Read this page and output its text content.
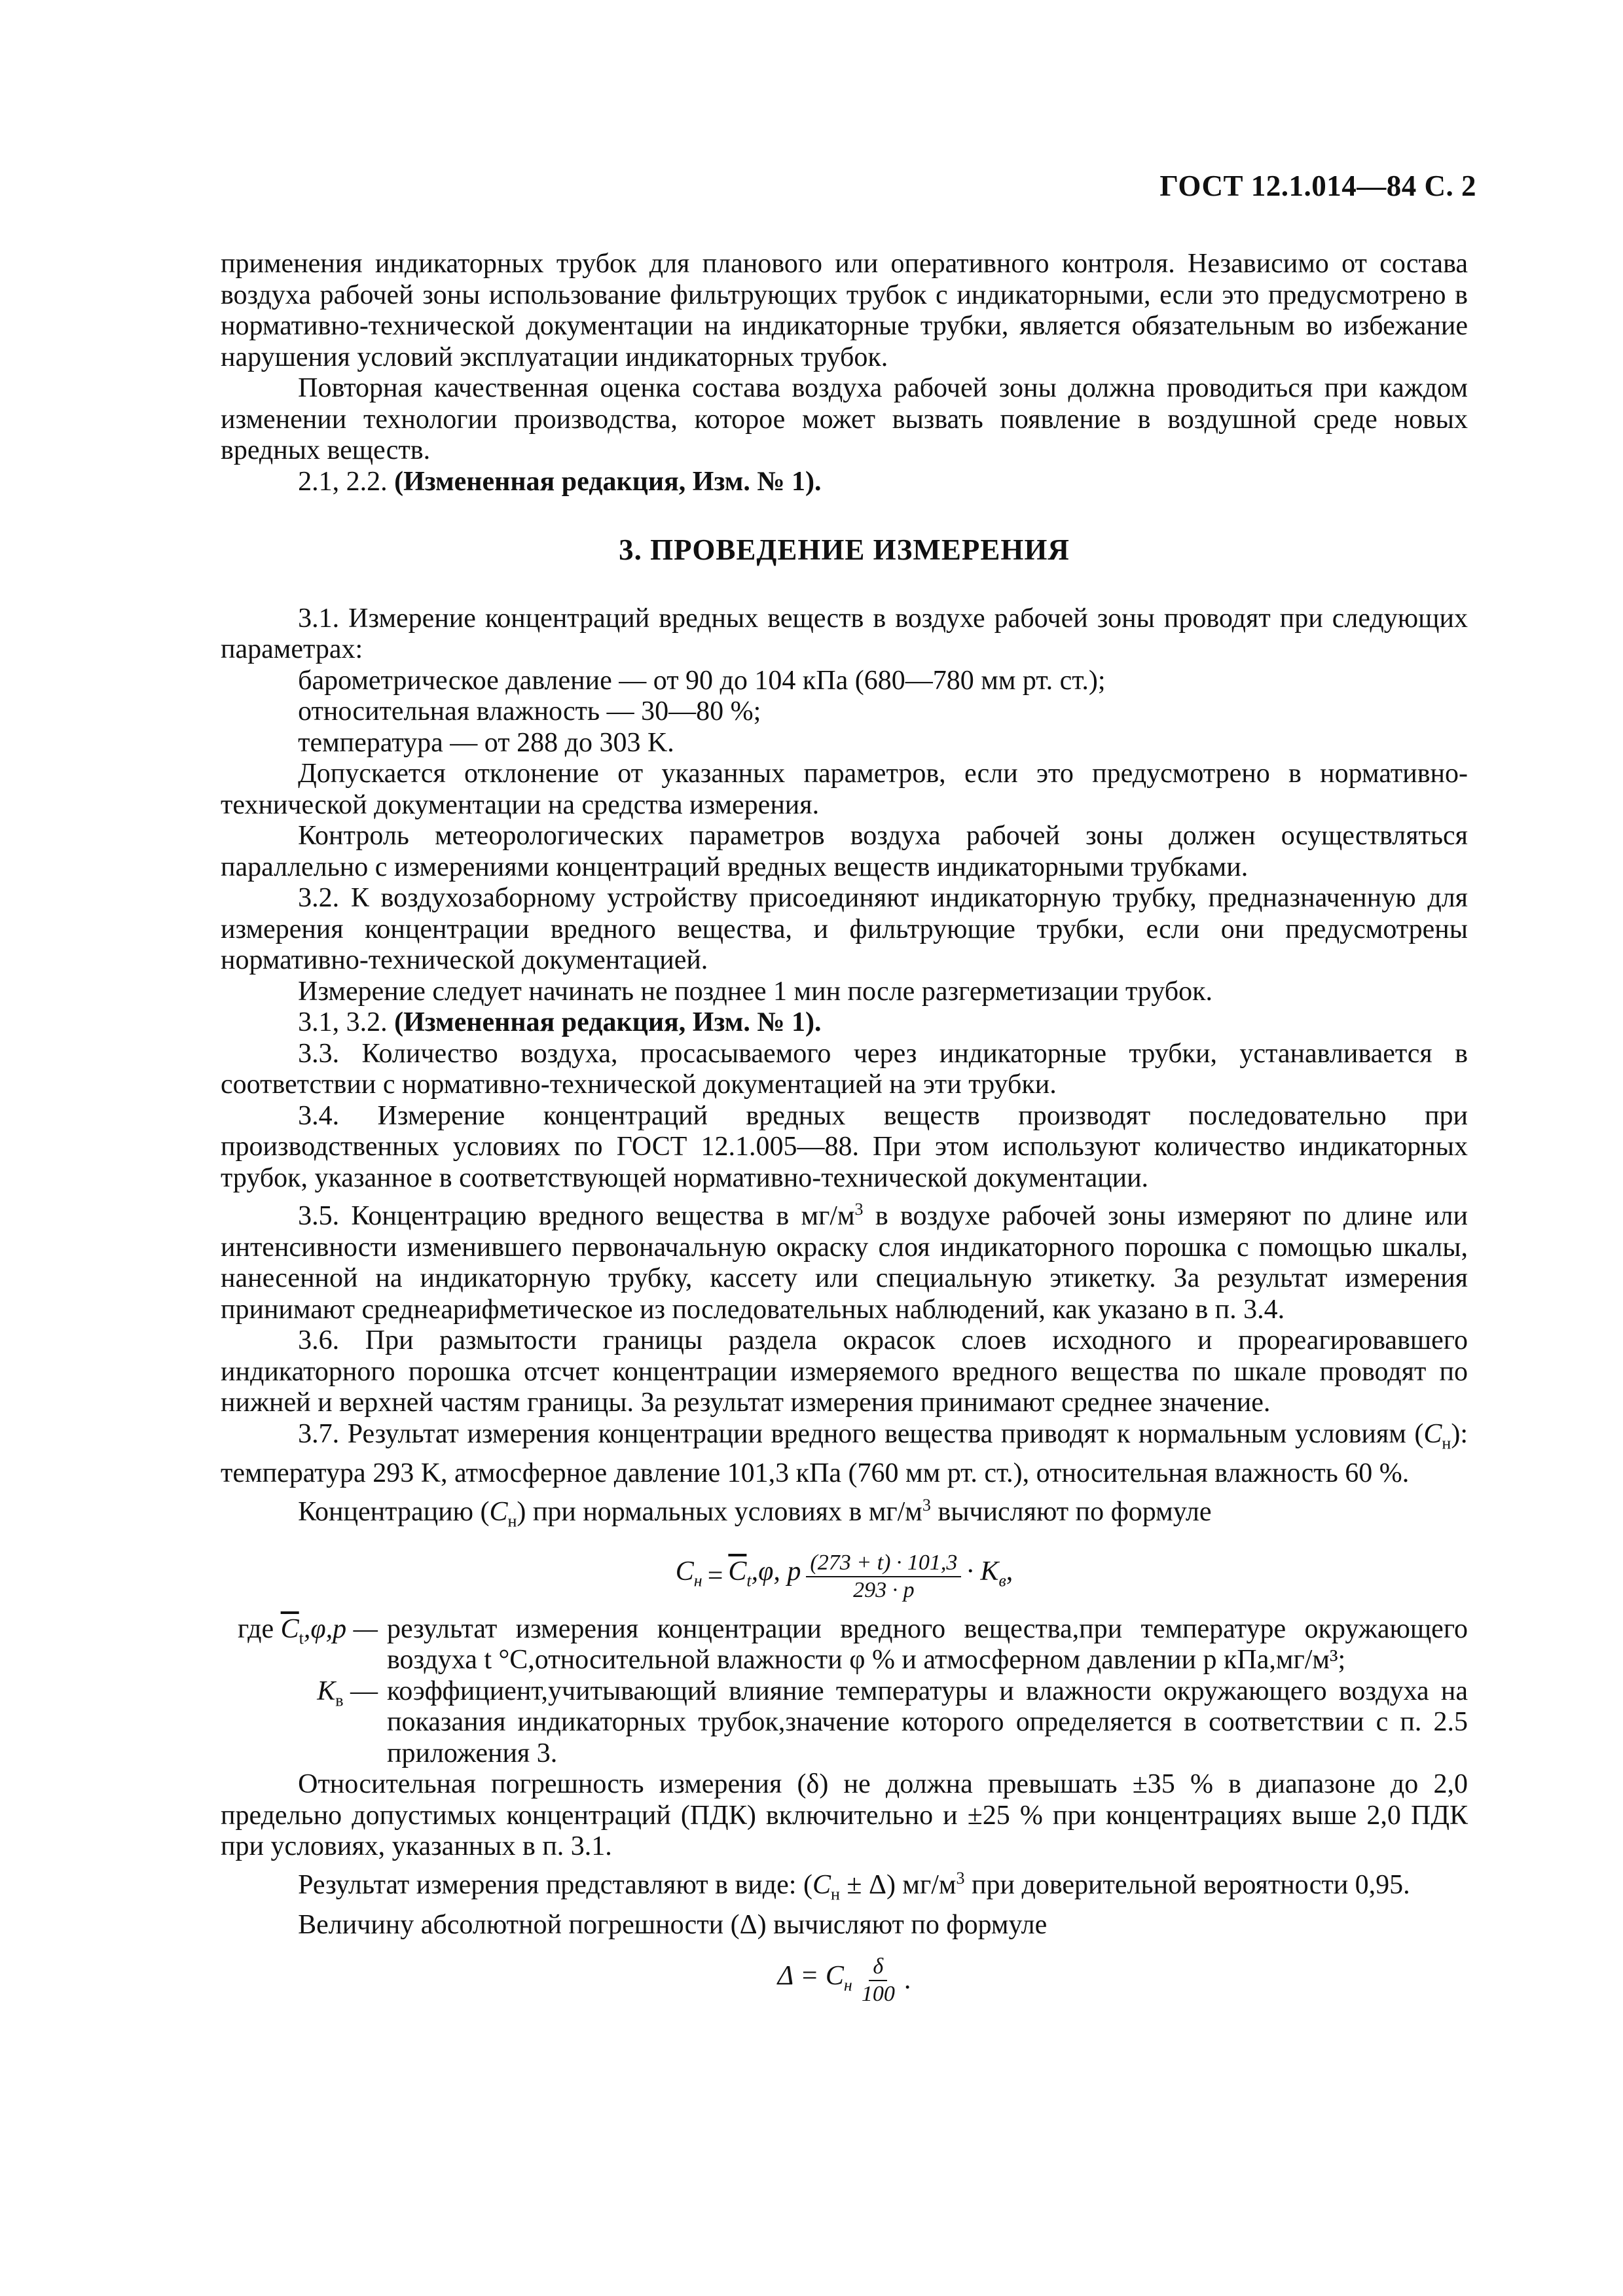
ГОСТ 12.1.014—84 С. 2

применения индикаторных трубок для планового или оперативного контроля. Независимо от состава воздуха рабочей зоны использование фильтрующих трубок с индикаторными, если это предусмотрено в нормативно-технической документации на индикаторные трубки, является обязательным во избежание нарушения условий эксплуатации индикаторных трубок.

Повторная качественная оценка состава воздуха рабочей зоны должна проводиться при каждом изменении технологии производства, которое может вызвать появление в воздушной среде новых вредных веществ.

2.1, 2.2. (Измененная редакция, Изм. № 1).

3. ПРОВЕДЕНИЕ ИЗМЕРЕНИЯ

3.1. Измерение концентраций вредных веществ в воздухе рабочей зоны проводят при следующих параметрах:

барометрическое давление — от 90 до 104 кПа (680—780 мм рт. ст.);

относительная влажность — 30—80 %;

температура — от 288 до 303 K.

Допускается отклонение от указанных параметров, если это предусмотрено в нормативно-технической документации на средства измерения.

Контроль метеорологических параметров воздуха рабочей зоны должен осуществляться параллельно с измерениями концентраций вредных веществ индикаторными трубками.

3.2. К воздухозаборному устройству присоединяют индикаторную трубку, предназначенную для измерения концентрации вредного вещества, и фильтрующие трубки, если они предусмотрены нормативно-технической документацией.

Измерение следует начинать не позднее 1 мин после разгерметизации трубок.

3.1, 3.2. (Измененная редакция, Изм. № 1).

3.3. Количество воздуха, просасываемого через индикаторные трубки, устанавливается в соответствии с нормативно-технической документацией на эти трубки.

3.4. Измерение концентраций вредных веществ производят последовательно при производственных условиях по ГОСТ 12.1.005—88. При этом используют количество индикаторных трубок, указанное в соответствующей нормативно-технической документации.

3.5. Концентрацию вредного вещества в $мг/м^3$ в воздухе рабочей зоны измеряют по длине или интенсивности изменившего первоначальную окраску слоя индикаторного порошка с помощью шкалы, нанесенной на индикаторную трубку, кассету или специальную этикетку. За результат измерения принимают среднеарифметическое из последовательных наблюдений, как указано в п. 3.4.

3.6. При размытости границы раздела окрасок слоев исходного и прореагировавшего индикаторного порошка отсчет концентрации измеряемого вредного вещества по шкале проводят по нижней и верхней частям границы. За результат измерения принимают среднее значение.

3.7. Результат измерения концентрации вредного вещества приводят к нормальным условиям $(C_н)$: температура 293 K, атмосферное давление 101,3 кПа (760 мм рт. ст.), относительная влажность 60 %.

Концентрацию $(C_н)$ при нормальных условиях в $мг/м^3$ вычисляют по формуле

$C_н = \overline{C}_t,\varphi$, p $\frac{(273 + t) \cdot 101,3}{293 \cdot p} \cdot K_в$,
где $\overline{C}_t,\varphi,p$ — результат измерения концентрации вредного вещества,при температуре окружающего воздуха t °С,относительной влажности φ % и атмосферном давлении p кПа,мг/м³;
$K_в$ — коэффициент,учитывающий влияние температуры и влажности окружающего воздуха на показания индикаторных трубок,значение которого определяется в соответствии с п. 2.5 приложения 3.

Относительная погрешность измерения (δ) не должна превышать ±35 % в диапазоне до 2,0 предельно допустимых концентраций (ПДК) включительно и ±25 % при концентрациях выше 2,0 ПДК при условиях, указанных в п. 3.1.

Результат измерения представляют в виде: $(C_н \pm \Delta)$ $мг/м^3$ при доверительной вероятности 0,95.

Величину абсолютной погрешности (Δ) вычисляют по формуле

$\Delta = C_н \frac{\delta}{100}$ .
